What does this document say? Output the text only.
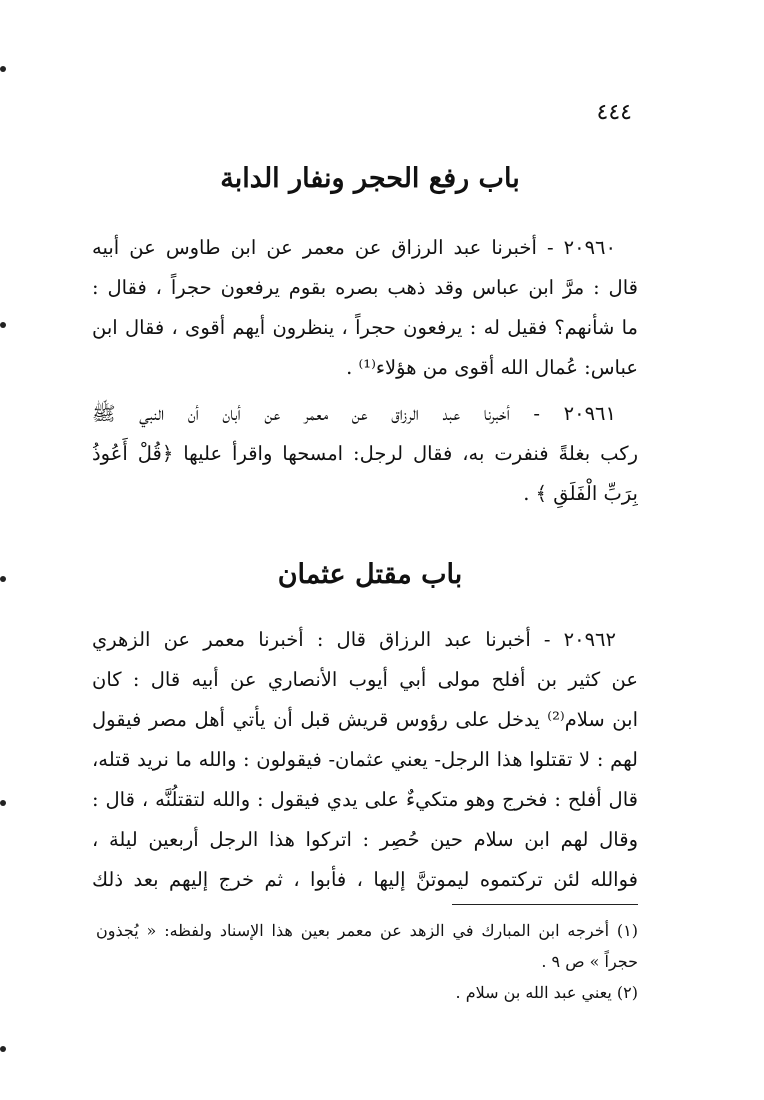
٤٤٤
باب رفع الحجر ونفار الدابة
٢٠٩٦٠ - أخبرنا عبد الرزاق عن معمر عن ابن طاوس عن أبيه
قال : مرَّ ابن عباس وقد ذهب بصره بقوم يرفعون حجراً ، فقال :
ما شأنهم؟ فقيل له : يرفعون حجراً ، ينظرون أيهم أقوى ، فقال ابن
عباس: عُمال الله أقوى من هؤلاء⁽¹⁾ .
٢٠٩٦١ - أخبرنا عبد الرزاق عن معمر عن أبان أن النبي ﷺ
ركب بغلةً فنفرت به، فقال لرجل: امسحها واقرأ عليها ﴿قُلْ أَعُوذُ
بِرَبِّ الْفَلَقِ ﴾ .
باب مقتل عثمان
٢٠٩٦٢ - أخبرنا عبد الرزاق قال : أخبرنا معمر عن الزهري
عن كثير بن أفلح مولى أبي أيوب الأنصاري عن أبيه قال : كان
ابن سلام⁽²⁾ يدخل على رؤوس قريش قبل أن يأتي أهل مصر فيقول
لهم : لا تقتلوا هذا الرجل- يعني عثمان- فيقولون : والله ما نريد قتله،
قال أفلح : فخرج وهو متكيءٌ على يدي فيقول : والله لتقتلُنَّه ، قال :
وقال لهم ابن سلام حين حُصِر : اتركوا هذا الرجل أربعين ليلة ،
فوالله لئن تركتموه ليموتنَّ إليها ، فأبوا ، ثم خرج إليهم بعد ذلك
(١) أخرجه ابن المبارك في الزهد عن معمر بعين هذا الإسناد ولفظه: « يُجذون
حجراً » ص ٩ .
(٢) يعني عبد الله بن سلام .
